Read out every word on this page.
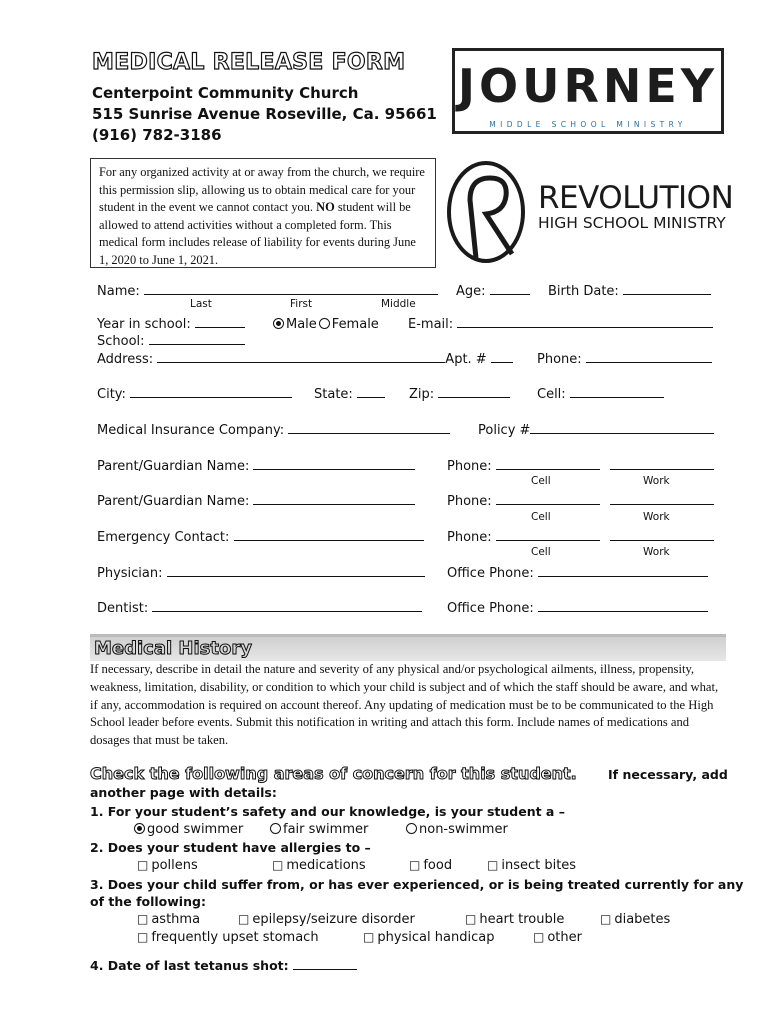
MEDICAL RELEASE FORM
Centerpoint Community Church
515 Sunrise Avenue Roseville, Ca. 95661
(916) 782-3186
For any organized activity at or away from the church, we require this permission slip, allowing us to obtain medical care for your student in the event we cannot contact you. NO student will be allowed to attend activities without a completed form. This medical form includes release of liability for events during June 1, 2020 to June 1, 2021.
JOURNEY
MIDDLE SCHOOL MINISTRY
REVOLUTION
HIGH SCHOOL MINISTRY
Name:	Age:	Birth Date:
Last	First	Middle
Year in school:	Male Female E-mail:
School:
Address:	Apt. #	Phone:
City:	State:	Zip:	Cell:
Medical Insurance Company:	Policy #
Parent/Guardian Name:	Phone:
Cell	Work
Parent/Guardian Name:	Phone:
Cell	Work
Emergency Contact:	Phone:
Cell	Work
Physician:	Office Phone:
Dentist:	Office Phone:
Medical History
If necessary, describe in detail the nature and severity of any physical and/or psychological ailments, illness, propensity, weakness, limitation, disability, or condition to which your child is subject and of which the staff should be aware, and what, if any, accommodation is required on account thereof. Any updating of medication must be to be communicated to the High School leader before events. Submit this notification in writing and attach this form. Include names of medications and dosages that must be taken.
Check the following areas of concern for this student. If necessary, add
another page with details:
1. For your student’s safety and our knowledge, is your student a –
good swimmer	fair swimmer	non-swimmer
2. Does your student have allergies to –
□ pollens	□ medications	□ food	□ insect bites
3. Does your child suffer from, or has ever experienced, or is being treated currently for any
of the following:
□ asthma	□ epilepsy/seizure disorder	□ heart trouble	□ diabetes
□ frequently upset stomach	□ physical handicap	□ other
4. Date of last tetanus shot:
